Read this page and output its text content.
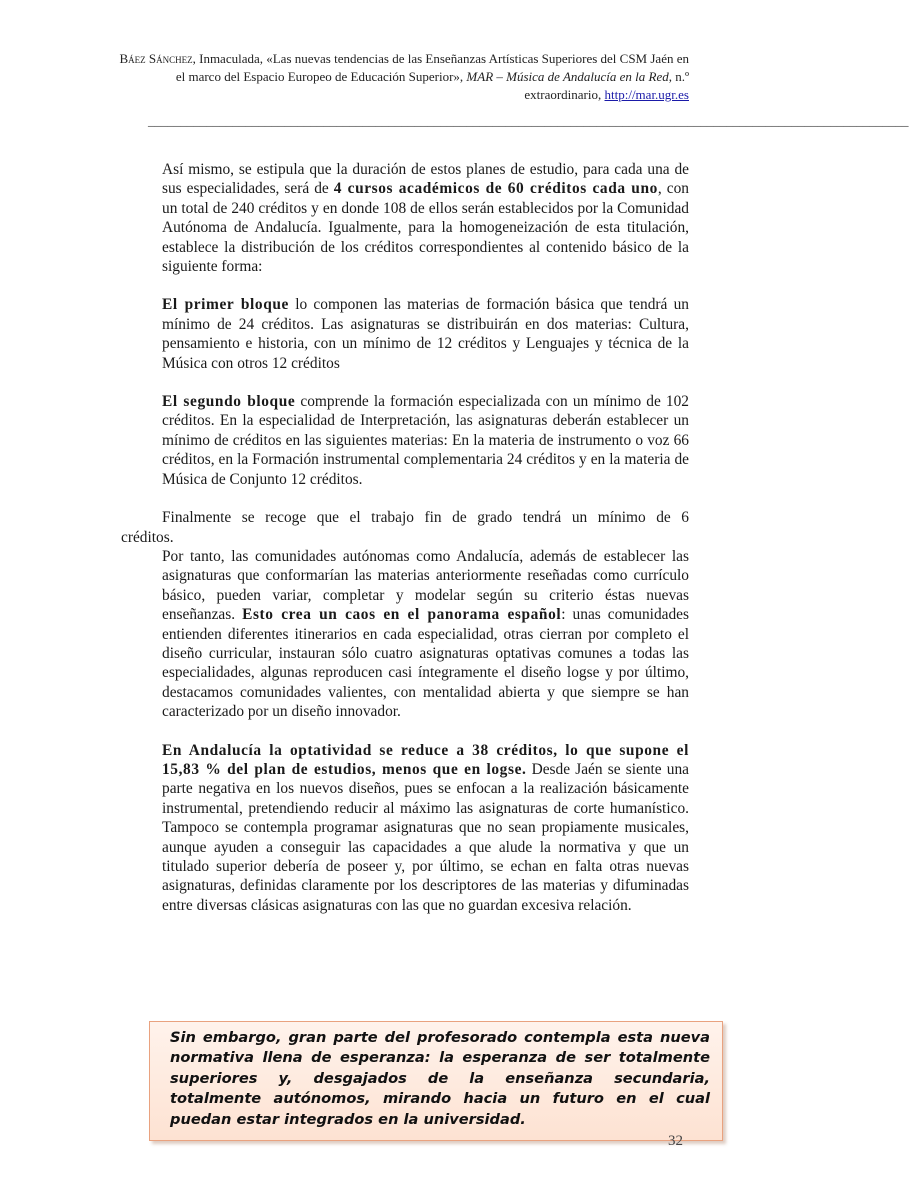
Báez Sánchez, Inmaculada, «Las nuevas tendencias de las Enseñanzas Artísticas Superiores del CSM Jaén en el marco del Espacio Europeo de Educación Superior», MAR – Música de Andalucía en la Red, n.º extraordinario, http://mar.ugr.es
_____________________________________________________________________________________________________________________

Así mismo, se estipula que la duración de estos planes de estudio, para cada una de sus especialidades, será de 4 cursos académicos de 60 créditos cada uno, con un total de 240 créditos y en donde 108 de ellos serán establecidos por la Comunidad Autónoma de Andalucía. Igualmente, para la homogeneización de esta titulación, establece la distribución de los créditos correspondientes al contenido básico de la siguiente forma:

El primer bloque lo componen las materias de formación básica que tendrá un mínimo de 24 créditos. Las asignaturas se distribuirán en dos materias: Cultura, pensamiento e historia, con un mínimo de 12 créditos y Lenguajes y técnica de la Música con otros 12 créditos

El segundo bloque comprende la formación especializada con un mínimo de 102 créditos. En la especialidad de Interpretación, las asignaturas deberán establecer un mínimo de créditos en las siguientes materias: En la materia de instrumento o voz 66 créditos, en la Formación instrumental complementaria 24 créditos y en la materia de Música de Conjunto 12 créditos.

Finalmente se recoge que el trabajo fin de grado tendrá un mínimo de 6
créditos.

Por tanto, las comunidades autónomas como Andalucía, además de establecer las asignaturas que conformarían las materias anteriormente reseñadas como currículo básico, pueden variar, completar y modelar según su criterio éstas nuevas enseñanzas. Esto crea un caos en el panorama español: unas comunidades entienden diferentes itinerarios en cada especialidad, otras cierran por completo el diseño curricular, instauran sólo cuatro asignaturas optativas comunes a todas las especialidades, algunas reproducen casi íntegramente el diseño logse y por último, destacamos comunidades valientes, con mentalidad abierta y que siempre se han caracterizado por un diseño innovador.

En Andalucía la optatividad se reduce a 38 créditos, lo que supone el 15,83 % del plan de estudios, menos que en logse. Desde Jaén se siente una parte negativa en los nuevos diseños, pues se enfocan a la realización básicamente instrumental, pretendiendo reducir al máximo las asignaturas de corte humanístico. Tampoco se contempla programar asignaturas que no sean propiamente musicales, aunque ayuden a conseguir las capacidades a que alude la normativa y que un titulado superior debería de poseer y, por último, se echan en falta otras nuevas asignaturas, definidas claramente por los descriptores de las materias y difuminadas entre diversas clásicas asignaturas con las que no guardan excesiva relación.

Sin embargo, gran parte del profesorado contempla esta nueva normativa llena de esperanza: la esperanza de ser totalmente superiores y, desgajados de la enseñanza secundaria, totalmente autónomos, mirando hacia un futuro en el cual puedan estar integrados en la universidad.

32
